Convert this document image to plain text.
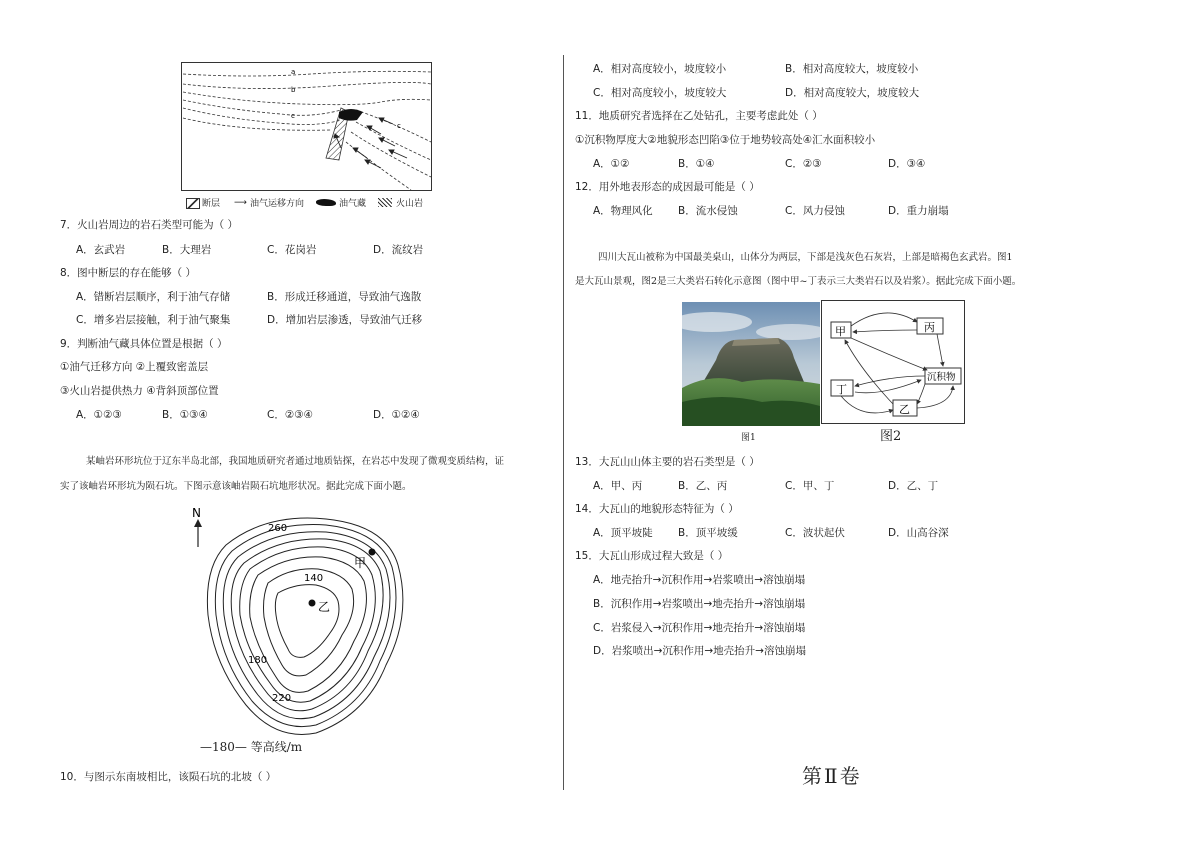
a
b
c
c
断层 ⟶ 油气运移方向	油气藏	火山岩
7．火山岩周边的岩石类型可能为（ ）
A．玄武岩	B．大理岩	C．花岗岩	D．流纹岩
8．图中断层的存在能够（ ）
A．错断岩层顺序，利于油气存储	B．形成迁移通道，导致油气逸散
C．增多岩层接触，利于油气聚集	D．增加岩层渗透，导致油气迁移
9．判断油气藏具体位置是根据（ ）
①油气迁移方向 ②上覆致密盖层
③火山岩提供热力 ④背斜顶部位置
A．①②③	B．①③④	C．②③④	D．①②④
某岫岩环形坑位于辽东半岛北部，我国地质研究者通过地质钻探，在岩芯中发现了微观变质结构，证
实了该岫岩环形坑为陨石坑。下图示意该岫岩陨石坑地形状况。据此完成下面小题。
N
260
140
180
220
甲
乙
—180— 等高线/m
10．与图示东南坡相比，该陨石坑的北坡（ ）
A．相对高度较小，坡度较小	B．相对高度较大，坡度较小
C．相对高度较小，坡度较大	D．相对高度较大，坡度较大
11．地质研究者选择在乙处钻孔，主要考虑此处（ ）
①沉积物厚度大②地貌形态凹陷③位于地势较高处④汇水面积较小
A．①②	B．①④	C．②③	D．③④
12．用外地表形态的成因最可能是（ ）
A．物理风化 B．流水侵蚀	C．风力侵蚀	D．重力崩塌
四川大瓦山被称为中国最美桌山，山体分为两层，下部是浅灰色石灰岩，上部是暗褐色玄武岩。图1
是大瓦山景观，图2是三大类岩石转化示意图（图中甲~丁表示三大类岩石以及岩浆）。据此完成下面小题。
图1
甲	丙
丁
沉积物
乙
图2
13．大瓦山山体主要的岩石类型是（ ）
A．甲、丙	B．乙、丙	C．甲、丁	D．乙、丁
14．大瓦山的地貌形态特征为（ ）
A．顶平坡陡 B．顶平坡缓	C．波状起伏	D．山高谷深
15．大瓦山形成过程大致是（ ）
A．地壳抬升→沉积作用→岩浆喷出→溶蚀崩塌
B．沉积作用→岩浆喷出→地壳抬升→溶蚀崩塌
C．岩浆侵入→沉积作用→地壳抬升→溶蚀崩塌
D．岩浆喷出→沉积作用→地壳抬升→溶蚀崩塌
第Ⅱ卷
